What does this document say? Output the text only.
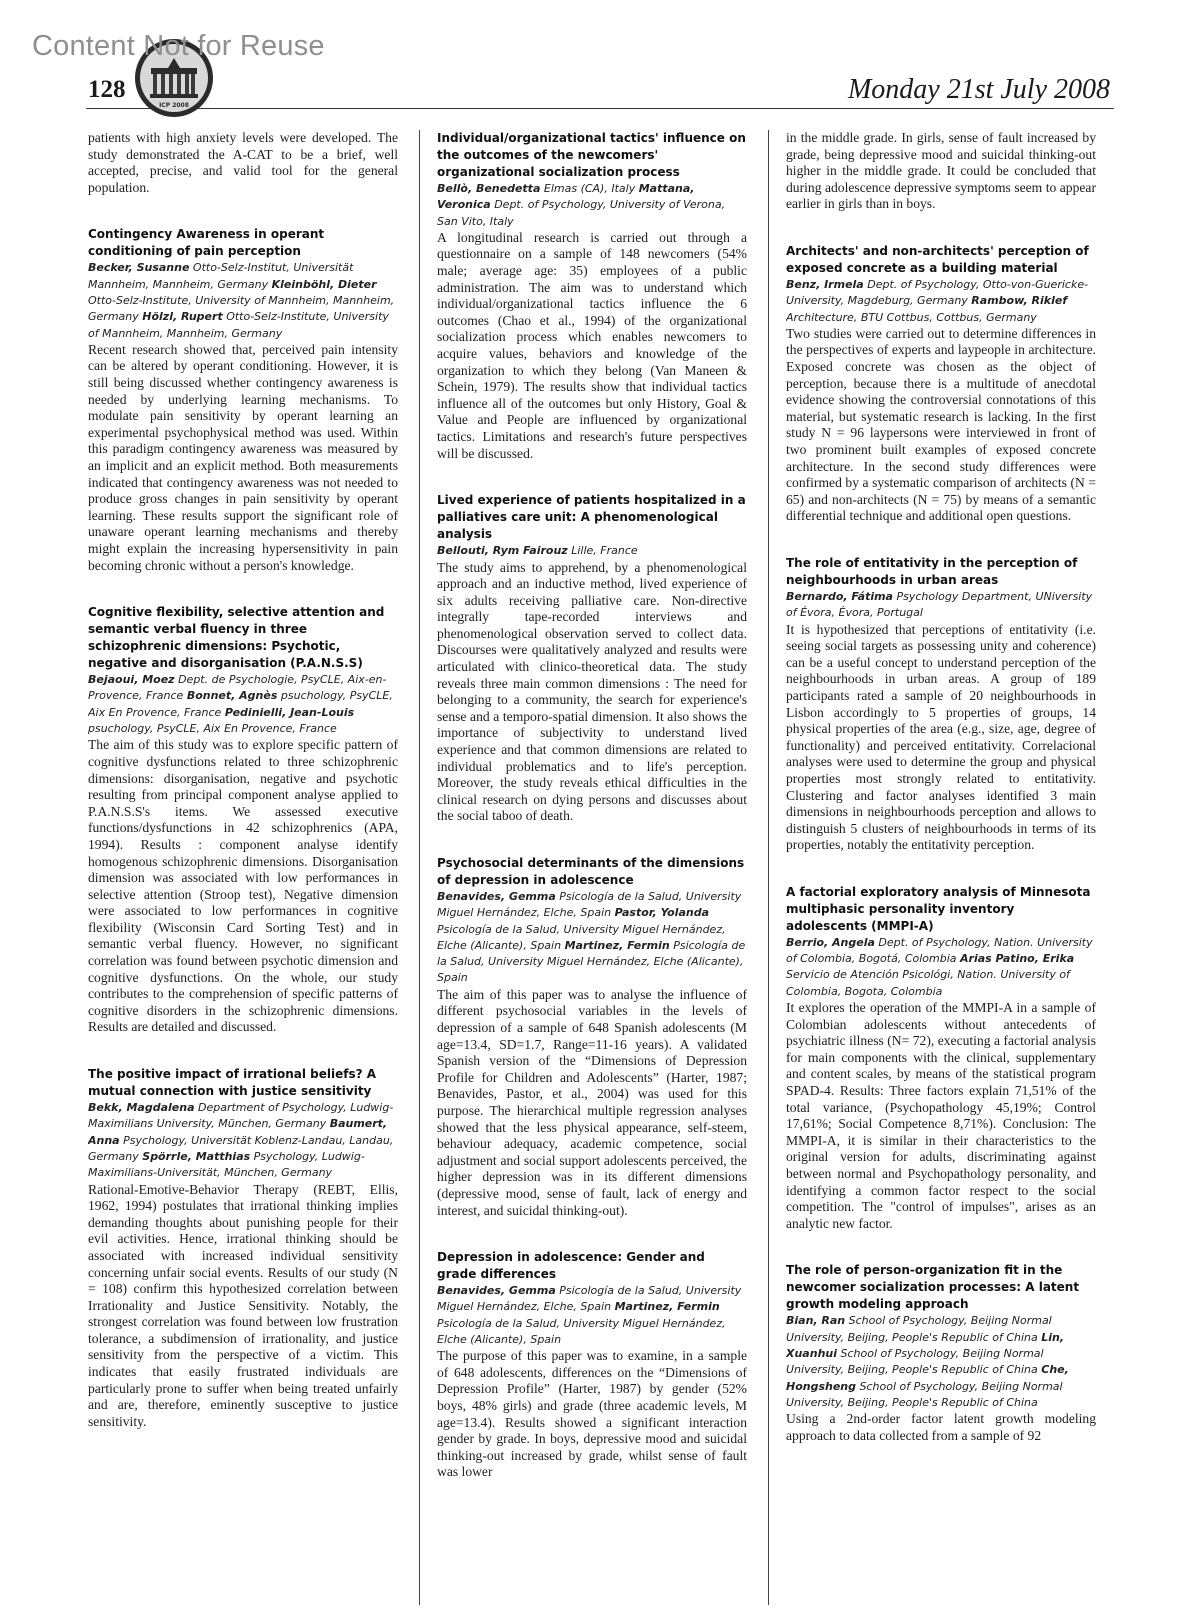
Content Not for Reuse
128
ICP 2008
Monday 21st July 2008

patients with high anxiety levels were developed. The study demonstrated the A-CAT to be a brief, well accepted, precise, and valid tool for the general population.

Contingency Awareness in operant conditioning of pain perception

Becker, Susanne Otto-Selz-Institut, Universität Mannheim, Mannheim, Germany Kleinböhl, Dieter Otto-Selz-Institute, University of Mannheim, Mannheim, Germany Hölzl, Rupert Otto-Selz-Institute, University of Mannheim, Mannheim, Germany

Recent research showed that, perceived pain intensity can be altered by operant conditioning. However, it is still being discussed whether contingency awareness is needed by underlying learning mechanisms. To modulate pain sensitivity by operant learning an experimental psychophysical method was used. Within this paradigm contingency awareness was measured by an implicit and an explicit method. Both measurements indicated that contingency awareness was not needed to produce gross changes in pain sensitivity by operant learning. These results support the significant role of unaware operant learning mechanisms and thereby might explain the increasing hypersensitivity in pain becoming chronic without a person's knowledge.

Cognitive flexibility, selective attention and semantic verbal fluency in three schizophrenic dimensions: Psychotic, negative and disorganisation (P.A.N.S.S)

Bejaoui, Moez Dept. de Psychologie, PsyCLE, Aix-en-Provence, France Bonnet, Agnès psuchology, PsyCLE, Aix En Provence, France Pedinielli, Jean-Louis psuchology, PsyCLE, Aix En Provence, France

The aim of this study was to explore specific pattern of cognitive dysfunctions related to three schizophrenic dimensions: disorganisation, negative and psychotic resulting from principal component analyse applied to P.A.N.S.S's items. We assessed executive functions/dysfunctions in 42 schizophrenics (APA, 1994). Results : component analyse identify homogenous schizophrenic dimensions. Disorganisation dimension was associated with low performances in selective attention (Stroop test), Negative dimension were associated to low performances in cognitive flexibility (Wisconsin Card Sorting Test) and in semantic verbal fluency. However, no significant correlation was found between psychotic dimension and cognitive dysfunctions. On the whole, our study contributes to the comprehension of specific patterns of cognitive disorders in the schizophrenic dimensions. Results are detailed and discussed.

The positive impact of irrational beliefs? A mutual connection with justice sensitivity

Bekk, Magdalena Department of Psychology, Ludwig-Maximilians University, München, Germany Baumert, Anna Psychology, Universität Koblenz-Landau, Landau, Germany Spörrle, Matthias Psychology, Ludwig-Maximilians-Universität, München, Germany

Rational-Emotive-Behavior Therapy (REBT, Ellis, 1962, 1994) postulates that irrational thinking implies demanding thoughts about punishing people for their evil activities. Hence, irrational thinking should be associated with increased individual sensitivity concerning unfair social events. Results of our study (N = 108) confirm this hypothesized correlation between Irrationality and Justice Sensitivity. Notably, the strongest correlation was found between low frustration tolerance, a subdimension of irrationality, and justice sensitivity from the perspective of a victim. This indicates that easily frustrated individuals are particularly prone to suffer when being treated unfairly and are, therefore, eminently susceptive to justice sensitivity.

Individual/organizational tactics' influence on the outcomes of the newcomers' organizational socialization process

Bellò, Benedetta Elmas (CA), Italy Mattana, Veronica Dept. of Psychology, University of Verona, San Vito, Italy

A longitudinal research is carried out through a questionnaire on a sample of 148 newcomers (54% male; average age: 35) employees of a public administration. The aim was to understand which individual/organizational tactics influence the 6 outcomes (Chao et al., 1994) of the organizational socialization process which enables newcomers to acquire values, behaviors and knowledge of the organization to which they belong (Van Maneen & Schein, 1979). The results show that individual tactics influence all of the outcomes but only History, Goal & Value and People are influenced by organizational tactics. Limitations and research's future perspectives will be discussed.

Lived experience of patients hospitalized in a palliatives care unit: A phenomenological analysis

Bellouti, Rym Fairouz Lille, France

The study aims to apprehend, by a phenomenological approach and an inductive method, lived experience of six adults receiving palliative care. Non-directive integrally tape-recorded interviews and phenomenological observation served to collect data. Discourses were qualitatively analyzed and results were articulated with clinico-theoretical data. The study reveals three main common dimensions : The need for belonging to a community, the search for experience's sense and a temporo-spatial dimension. It also shows the importance of subjectivity to understand lived experience and that common dimensions are related to individual problematics and to life's perception. Moreover, the study reveals ethical difficulties in the clinical research on dying persons and discusses about the social taboo of death.

Psychosocial determinants of the dimensions of depression in adolescence

Benavides, Gemma Psicología de la Salud, University Miguel Hernández, Elche, Spain Pastor, Yolanda Psicología de la Salud, University Miguel Hernández, Elche (Alicante), Spain Martinez, Fermin Psicología de la Salud, University Miguel Hernández, Elche (Alicante), Spain

The aim of this paper was to analyse the influence of different psychosocial variables in the levels of depression of a sample of 648 Spanish adolescents (M age=13.4, SD=1.7, Range=11-16 years). A validated Spanish version of the “Dimensions of Depression Profile for Children and Adolescents” (Harter, 1987; Benavides, Pastor, et al., 2004) was used for this purpose. The hierarchical multiple regression analyses showed that the less physical appearance, self-steem, behaviour adequacy, academic competence, social adjustment and social support adolescents perceived, the higher depression was in its different dimensions (depressive mood, sense of fault, lack of energy and interest, and suicidal thinking-out).

Depression in adolescence: Gender and grade differences

Benavides, Gemma Psicología de la Salud, University Miguel Hernández, Elche, Spain Martinez, Fermin Psicología de la Salud, University Miguel Hernández, Elche (Alicante), Spain

The purpose of this paper was to examine, in a sample of 648 adolescents, differences on the “Dimensions of Depression Profile” (Harter, 1987) by gender (52% boys, 48% girls) and grade (three academic levels, M age=13.4). Results showed a significant interaction gender by grade. In boys, depressive mood and suicidal thinking-out increased by grade, whilst sense of fault was lower

in the middle grade. In girls, sense of fault increased by grade, being depressive mood and suicidal thinking-out higher in the middle grade. It could be concluded that during adolescence depressive symptoms seem to appear earlier in girls than in boys.

Architects' and non-architects' perception of exposed concrete as a building material

Benz, Irmela Dept. of Psychology, Otto-von-Guericke-University, Magdeburg, Germany Rambow, Riklef Architecture, BTU Cottbus, Cottbus, Germany

Two studies were carried out to determine differences in the perspectives of experts and laypeople in architecture. Exposed concrete was chosen as the object of perception, because there is a multitude of anecdotal evidence showing the controversial connotations of this material, but systematic research is lacking. In the first study N = 96 laypersons were interviewed in front of two prominent built examples of exposed concrete architecture. In the second study differences were confirmed by a systematic comparison of architects (N = 65) and non-architects (N = 75) by means of a semantic differential technique and additional open questions.

The role of entitativity in the perception of neighbourhoods in urban areas

Bernardo, Fátima Psychology Department, UNiversity of Évora, Évora, Portugal

It is hypothesized that perceptions of entitativity (i.e. seeing social targets as possessing unity and coherence) can be a useful concept to understand perception of the neighbourhoods in urban areas. A group of 189 participants rated a sample of 20 neighbourhoods in Lisbon accordingly to 5 properties of groups, 14 physical properties of the area (e.g., size, age, degree of functionality) and perceived entitativity. Correlacional analyses were used to determine the group and physical properties most strongly related to entitativity. Clustering and factor analyses identified 3 main dimensions in neighbourhoods perception and allows to distinguish 5 clusters of neighbourhoods in terms of its properties, notably the entitativity perception.

A factorial exploratory analysis of Minnesota multiphasic personality inventory adolescents (MMPI-A)

Berrio, Angela Dept. of Psychology, Nation. University of Colombia, Bogotá, Colombia Arias Patino, Erika Servicio de Atención Psicológi, Nation. University of Colombia, Bogota, Colombia

It explores the operation of the MMPI-A in a sample of Colombian adolescents without antecedents of psychiatric illness (N= 72), executing a factorial analysis for main components with the clinical, supplementary and content scales, by means of the statistical program SPAD-4. Results: Three factors explain 71,51% of the total variance, (Psychopathology 45,19%; Control 17,61%; Social Competence 8,71%). Conclusion: The MMPI-A, it is similar in their characteristics to the original version for adults, discriminating against between normal and Psychopathology personality, and identifying a common factor respect to the social competition. The "control of impulses", arises as an analytic new factor.

The role of person-organization fit in the newcomer socialization processes: A latent growth modeling approach

Bian, Ran School of Psychology, Beijing Normal University, Beijing, People's Republic of China Lin, Xuanhui School of Psychology, Beijing Normal University, Beijing, People's Republic of China Che, Hongsheng School of Psychology, Beijing Normal University, Beijing, People's Republic of China

Using a 2nd-order factor latent growth modeling approach to data collected from a sample of 92
